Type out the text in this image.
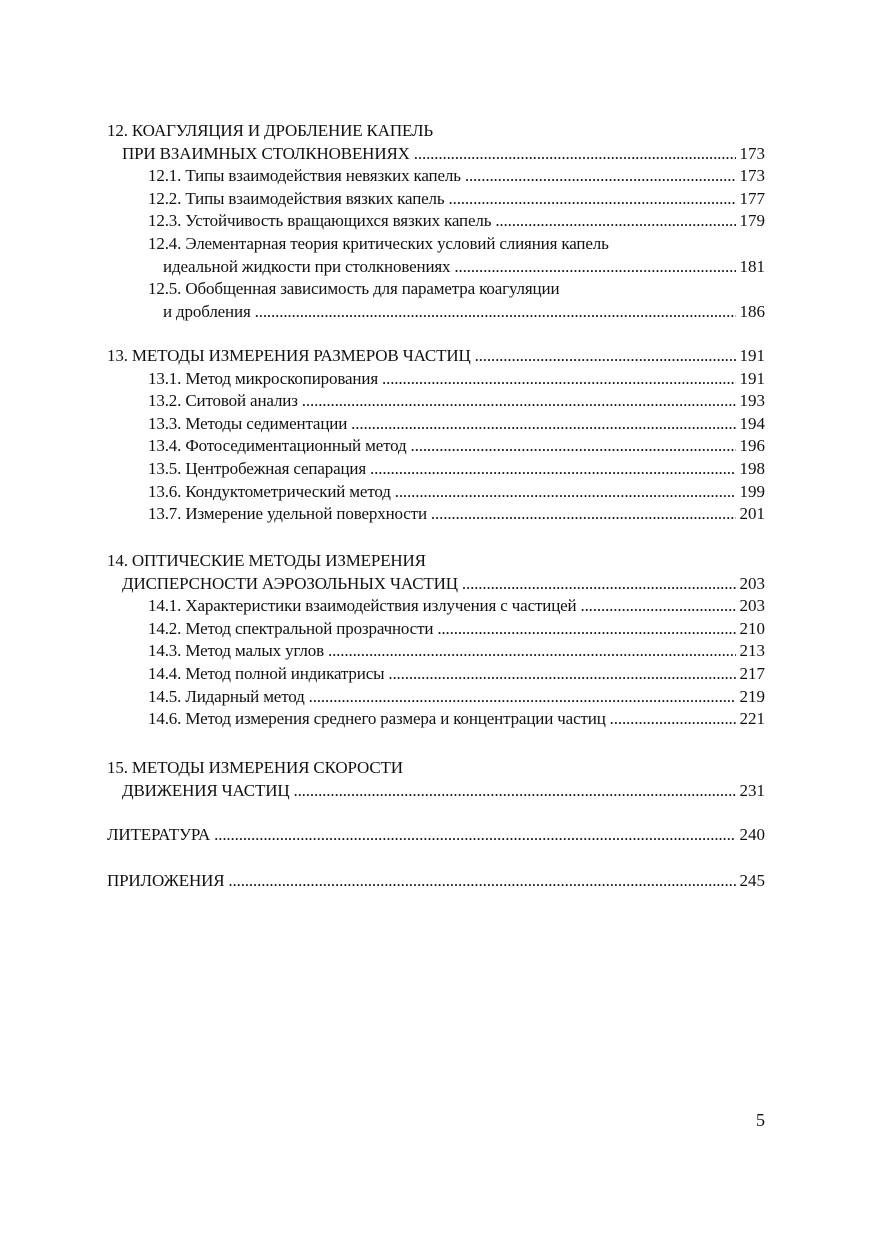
12. КОАГУЛЯЦИЯ И ДРОБЛЕНИЕ КАПЕЛЬ
ПРИ ВЗАИМНЫХ СТОЛКНОВЕНИЯХ . . .	173
12.1. Типы взаимодействия невязких капель . . .	173
12.2. Типы взаимодействия вязких капель . . .	177
12.3. Устойчивость вращающихся вязких капель . . .	179
12.4. Элементарная теория критических условий слияния капель
идеальной жидкости при столкновениях . . .	181
12.5. Обобщенная зависимость для параметра коагуляции
и дробления . . .	186
13. МЕТОДЫ ИЗМЕРЕНИЯ РАЗМЕРОВ ЧАСТИЦ . . .	191
13.1. Метод микроскопирования . . .	191
13.2. Ситовой анализ . . .	193
13.3. Методы седиментации . . .	194
13.4. Фотоседиментационный метод . . .	196
13.5. Центробежная сепарация . . .	198
13.6. Кондуктометрический метод . . .	199
13.7. Измерение удельной поверхности . . .	201
14. ОПТИЧЕСКИЕ МЕТОДЫ ИЗМЕРЕНИЯ
ДИСПЕРСНОСТИ АЭРОЗОЛЬНЫХ ЧАСТИЦ . . .	203
14.1. Характеристики взаимодействия излучения с частицей . . .	203
14.2. Метод спектральной прозрачности . . .	210
14.3. Метод малых углов . . .	213
14.4. Метод полной индикатрисы . . .	217
14.5. Лидарный метод . . .	219
14.6. Метод измерения среднего размера и концентрации частиц . . .	221
15. МЕТОДЫ ИЗМЕРЕНИЯ СКОРОСТИ
ДВИЖЕНИЯ ЧАСТИЦ . . .	231
ЛИТЕРАТУРА . . .	240
ПРИЛОЖЕНИЯ . . .	245
5
